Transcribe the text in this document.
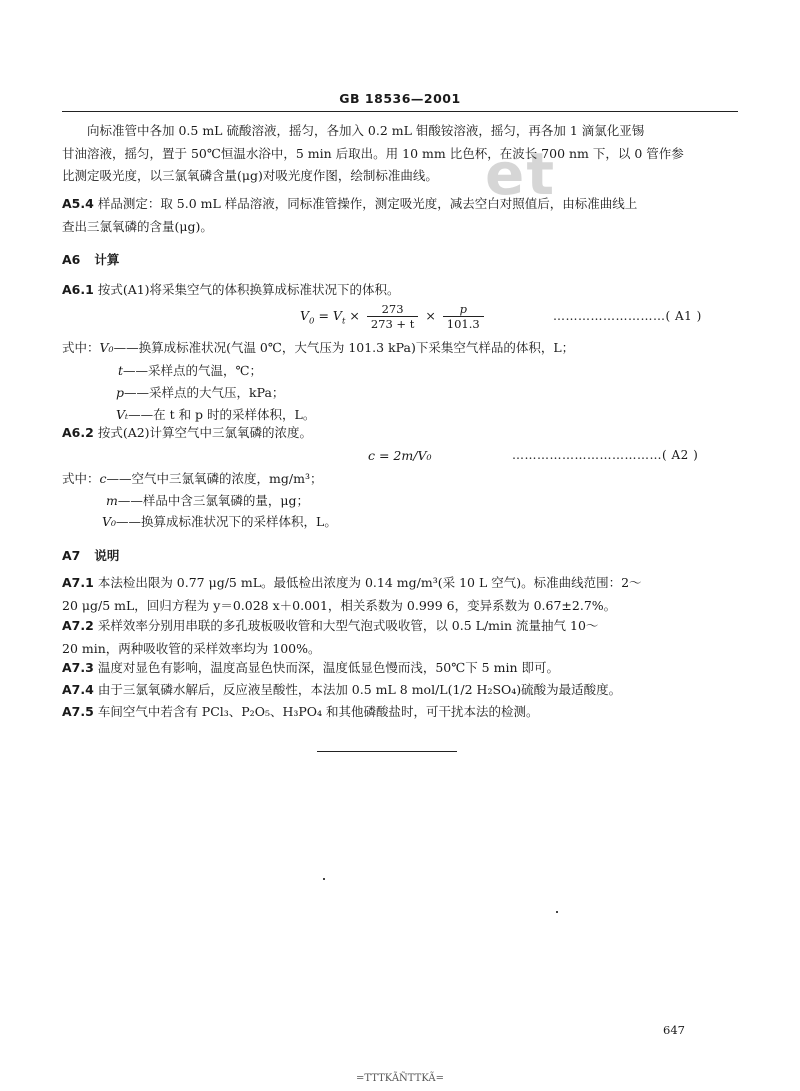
GB 18536—2001
et
向标准管中各加 0.5 mL 硫酸溶液，摇匀，各加入 0.2 mL 钼酸铵溶液，摇匀，再各加 1 滴氯化亚锡
甘油溶液，摇匀，置于 50℃恒温水浴中，5 min 后取出。用 10 mm 比色杯，在波长 700 nm 下，以 0 管作参
比测定吸光度，以三氯氧磷含量(μg)对吸光度作图，绘制标准曲线。
A5.4 样品测定：取 5.0 mL 样品溶液，同标准管操作，测定吸光度，减去空白对照值后，由标准曲线上
查出三氯氧磷的含量(μg)。
A6 计算
A6.1 按式(A1)将采集空气的体积换算成标准状况下的体积。
$V_0 = V_t \times \frac{273}{273 + t} \times \frac{p}{101.3}$	………………………( A1 )
式中：V₀——换算成标准状况(气温 0℃，大气压为 101.3 kPa)下采集空气样品的体积，L；
t——采样点的气温，℃；
p——采样点的大气压，kPa；
Vₜ——在 t 和 p 时的采样体积，L。
A6.2 按式(A2)计算空气中三氯氧磷的浓度。
c = 2m/V₀	………………………………( A2 )
式中：c——空气中三氯氧磷的浓度，mg/m³；
m——样品中含三氯氧磷的量，μg；
V₀——换算成标准状况下的采样体积，L。
A7 说明
A7.1 本法检出限为 0.77 μg/5 mL。最低检出浓度为 0.14 mg/m³(采 10 L 空气)。标准曲线范围：2～
20 μg/5 mL，回归方程为 y＝0.028 x＋0.001，相关系数为 0.999 6，变异系数为 0.67±2.7%。
A7.2 采样效率分别用串联的多孔玻板吸收管和大型气泡式吸收管，以 0.5 L/min 流量抽气 10～
20 min，两种吸收管的采样效率均为 100%。
A7.3 温度对显色有影响，温度高显色快而深，温度低显色慢而浅，50℃下 5 min 即可。
A7.4 由于三氯氧磷水解后，反应液呈酸性，本法加 0.5 mL 8 mol/L(1/2 H₂SO₄)硫酸为最适酸度。
A7.5 车间空气中若含有 PCl₃、P₂O₅、H₃PO₄ 和其他磷酸盐时，可干扰本法的检测。
647
=TTTKÃÑTTKÃ=
